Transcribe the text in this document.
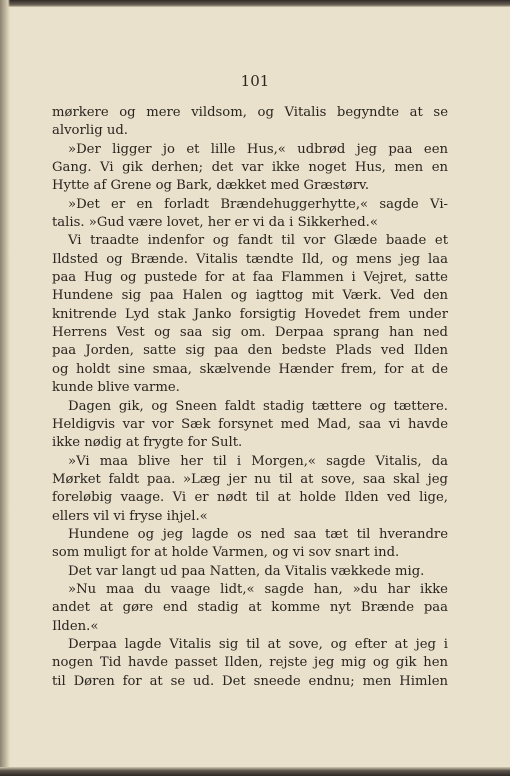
101
mørkere og mere vildsom, og Vitalis begyndte at se
alvorlig ud.
»Der ligger jo et lille Hus,« udbrød jeg paa een
Gang. Vi gik derhen; det var ikke noget Hus, men en
Hytte af Grene og Bark, dækket med Græstørv.
»Det er en forladt Brændehuggerhytte,« sagde Vi-
talis. »Gud være lovet, her er vi da i Sikkerhed.«
Vi traadte indenfor og fandt til vor Glæde baade et
Ildsted og Brænde. Vitalis tændte Ild, og mens jeg laa
paa Hug og pustede for at faa Flammen i Vejret, satte
Hundene sig paa Halen og iagttog mit Værk. Ved den
knitrende Lyd stak Janko forsigtig Hovedet frem under
Herrens Vest og saa sig om. Derpaa sprang han ned
paa Jorden, satte sig paa den bedste Plads ved Ilden
og holdt sine smaa, skælvende Hænder frem, for at de
kunde blive varme.
Dagen gik, og Sneen faldt stadig tættere og tættere.
Heldigvis var vor Sæk forsynet med Mad, saa vi havde
ikke nødig at frygte for Sult.
»Vi maa blive her til i Morgen,« sagde Vitalis, da
Mørket faldt paa. »Læg jer nu til at sove, saa skal jeg
foreløbig vaage. Vi er nødt til at holde Ilden ved lige,
ellers vil vi fryse ihjel.«
Hundene og jeg lagde os ned saa tæt til hverandre
som muligt for at holde Varmen, og vi sov snart ind.
Det var langt ud paa Natten, da Vitalis vækkede mig.
»Nu maa du vaage lidt,« sagde han, »du har ikke
andet at gøre end stadig at komme nyt Brænde paa
Ilden.«
Derpaa lagde Vitalis sig til at sove, og efter at jeg i
nogen Tid havde passet Ilden, rejste jeg mig og gik hen
til Døren for at se ud. Det sneede endnu; men Himlen
